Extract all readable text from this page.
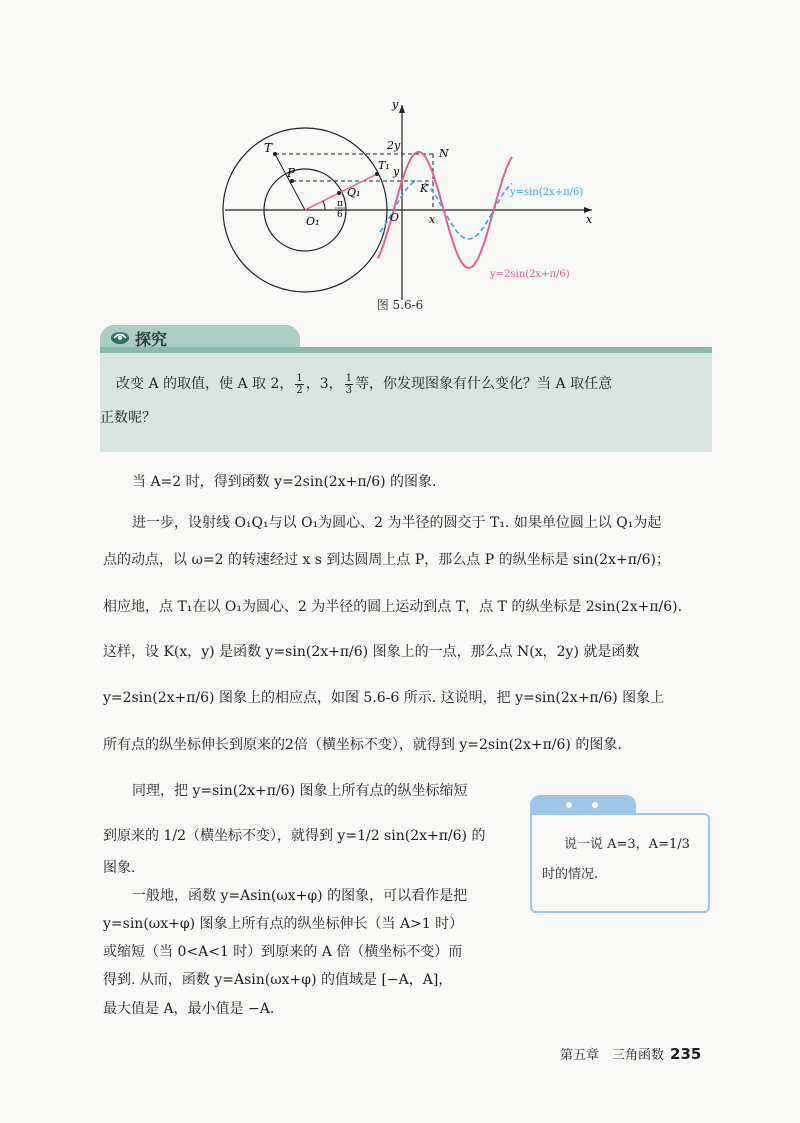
y
x
T
P
T₁
Q₁
O₁	O
2y
y
N
K
x
π
6
y=sin(2x+π/6)
y=2sin(2x+π/6)
图 5.6-6
探究
改变 A 的取值，使 A 取 2， $\frac{1}{2}$ ，3， $\frac{1}{3}$ 等，你发现图象有什么变化？当 A 取任意
正数呢？
当 A=2 时，得到函数 y=2sin(2x+π/6) 的图象.
进一步，设射线 O₁Q₁与以 O₁为圆心、2 为半径的圆交于 T₁. 如果单位圆上以 Q₁为起
点的动点，以 ω=2 的转速经过 x s 到达圆周上点 P，那么点 P 的纵坐标是 sin(2x+π/6)；
相应地，点 T₁在以 O₁为圆心、2 为半径的圆上运动到点 T，点 T 的纵坐标是 2sin(2x+π/6).
这样，设 K(x，y) 是函数 y=sin(2x+π/6) 图象上的一点，那么点 N(x，2y) 就是函数
y=2sin(2x+π/6) 图象上的相应点，如图 5.6-6 所示. 这说明，把 y=sin(2x+π/6) 图象上
所有点的纵坐标伸长到原来的2倍（横坐标不变），就得到 y=2sin(2x+π/6) 的图象.
同理，把 y=sin(2x+π/6) 图象上所有点的纵坐标缩短
到原来的 1/2（横坐标不变），就得到 y=1/2 sin(2x+π/6) 的
图象.
一般地，函数 y=Asin(ωx+φ) 的图象，可以看作是把
y=sin(ωx+φ) 图象上所有点的纵坐标伸长（当 A>1 时）
或缩短（当 0<A<1 时）到原来的 A 倍（横坐标不变）而
得到. 从而，函数 y=Asin(ωx+φ) 的值域是 [−A，A]，
最大值是 A，最小值是 −A.
说一说 A=3，A=1/3
时的情况.
第五章　三角函数 235
